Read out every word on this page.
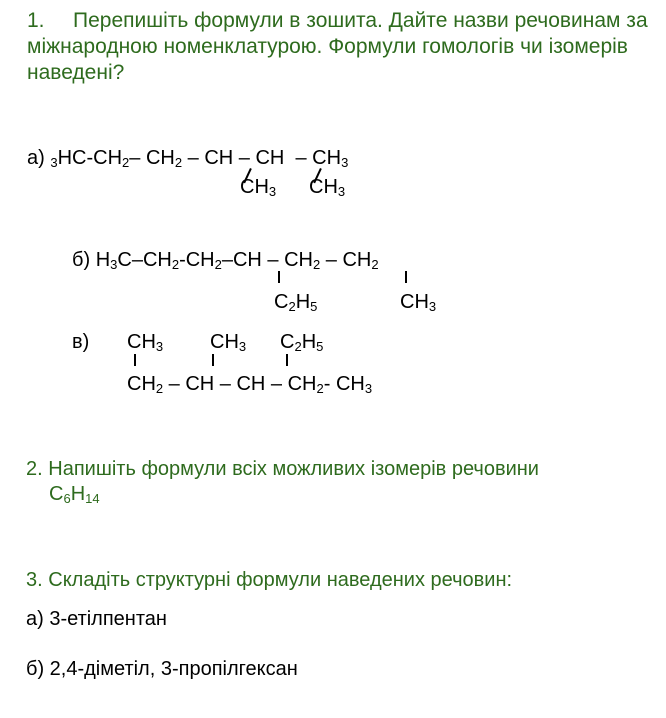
1. Перепишіть формули в зошита. Дайте назви речовинам за міжнародною номенклатурою. Формули гомологів чи ізомерів наведені?
а) $_3HC-CH_2-$ $CH_2$ – CH – CH – $CH_3$
$CH_3$ $CH_3$
б) $H_3C-CH_2-CH_2-CH - CH_2 - CH_2$
$C_2H_5$	$CH_3$
в) $CH_3$ $CH_3$ $C_2H_5$
$CH_2$ – CH – CH – $CH_2-$ $CH_3$
2. Напишіть формули всіх можливих ізомерів речовини
$C_6H_{14}$
3. Складіть структурні формули наведених речовин:
а) 3-етілпентан
б) 2,4-діметіл, 3-пропілгексан
